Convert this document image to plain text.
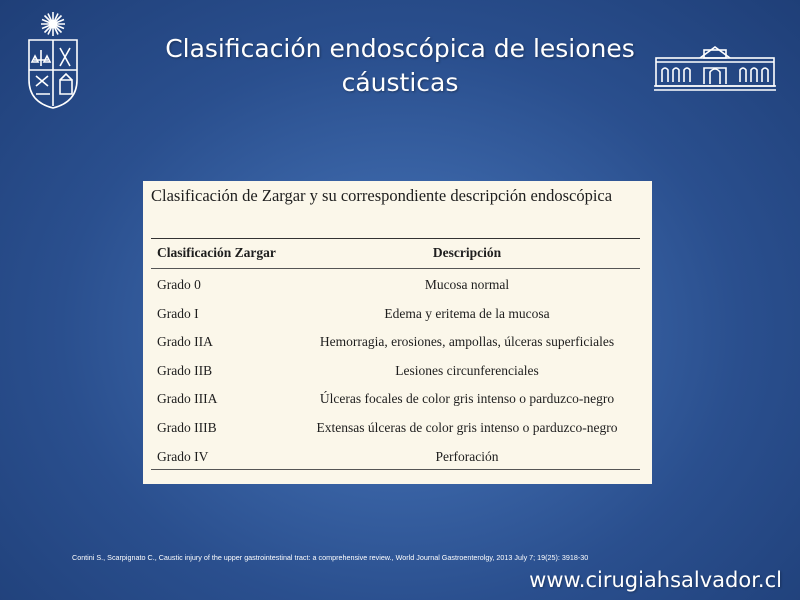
Clasificación endoscópica de lesiones
cáusticas
Clasificación de Zargar y su correspondiente descripción endoscópica
Clasificación Zargar	Descripción
Grado 0	Mucosa normal
Grado I	Edema y eritema de la mucosa
Grado IIA	Hemorragia, erosiones, ampollas, úlceras superficiales
Grado IIB	Lesiones circunferenciales
Grado IIIA	Úlceras focales de color gris intenso o parduzco-negro
Grado IIIB	Extensas úlceras de color gris intenso o parduzco-negro
Grado IV	Perforación
Contini S., Scarpignato C., Caustic injury of the upper gastrointestinal tract: a comprehensive review., World Journal Gastroenterolgy, 2013 July 7; 19(25): 3918-30
www.cirugiahsalvador.cl
